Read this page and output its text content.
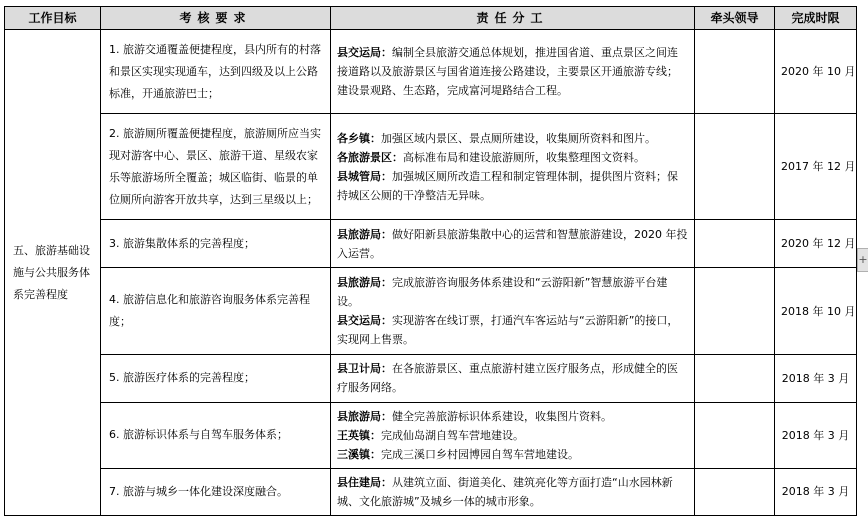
工作目标	考核要求	责任分工	牵头领导	完成时限
五、旅游基础设施与公共服务体系完善程度	1. 旅游交通覆盖便捷程度，县内所有的村落和景区实现实现通车，达到四级及以上公路标准，开通旅游巴士；	县交运局：编制全县旅游交通总体规划，推进国省道、重点景区之间连接道路以及旅游景区与国省道连接公路建设，主要景区开通旅游专线；建设景观路、生态路，完成富河堤路结合工程。		2020 年 10 月
	2. 旅游厕所覆盖便捷程度，旅游厕所应当实现对游客中心、景区、旅游干道、星级农家乐等旅游场所全覆盖；城区临街、临景的单位厕所向游客开放共享，达到三星级以上；	各乡镇：加强区域内景区、景点厕所建设，收集厕所资料和图片。
各旅游景区：高标准布局和建设旅游厕所，收集整理图文资料。
县城管局：加强城区厕所改造工程和制定管理体制，提供图片资料；保持城区公厕的干净整洁无异味。		2017 年 12 月
	3. 旅游集散体系的完善程度；	县旅游局：做好阳新县旅游集散中心的运营和智慧旅游建设，2020 年投入运营。		2020 年 12 月
	4. 旅游信息化和旅游咨询服务体系完善程度；	县旅游局：完成旅游咨询服务体系建设和“云游阳新”智慧旅游平台建设。
县交运局：实现游客在线订票，打通汽车客运站与“云游阳新”的接口，实现网上售票。		2018 年 10 月
	5. 旅游医疗体系的完善程度；	县卫计局：在各旅游景区、重点旅游村建立医疗服务点，形成健全的医疗服务网络。		2018 年 3 月
	6. 旅游标识体系与自驾车服务体系；	县旅游局：健全完善旅游标识体系建设，收集图片资料。
王英镇：完成仙岛湖自驾车营地建设。
三溪镇：完成三溪口乡村园博园自驾车营地建设。		2018 年 3 月
	7. 旅游与城乡一体化建设深度融合。	县住建局：从建筑立面、街道美化、建筑亮化等方面打造“山水园林新城、文化旅游城”及城乡一体的城市形象。		2018 年 3 月
+
